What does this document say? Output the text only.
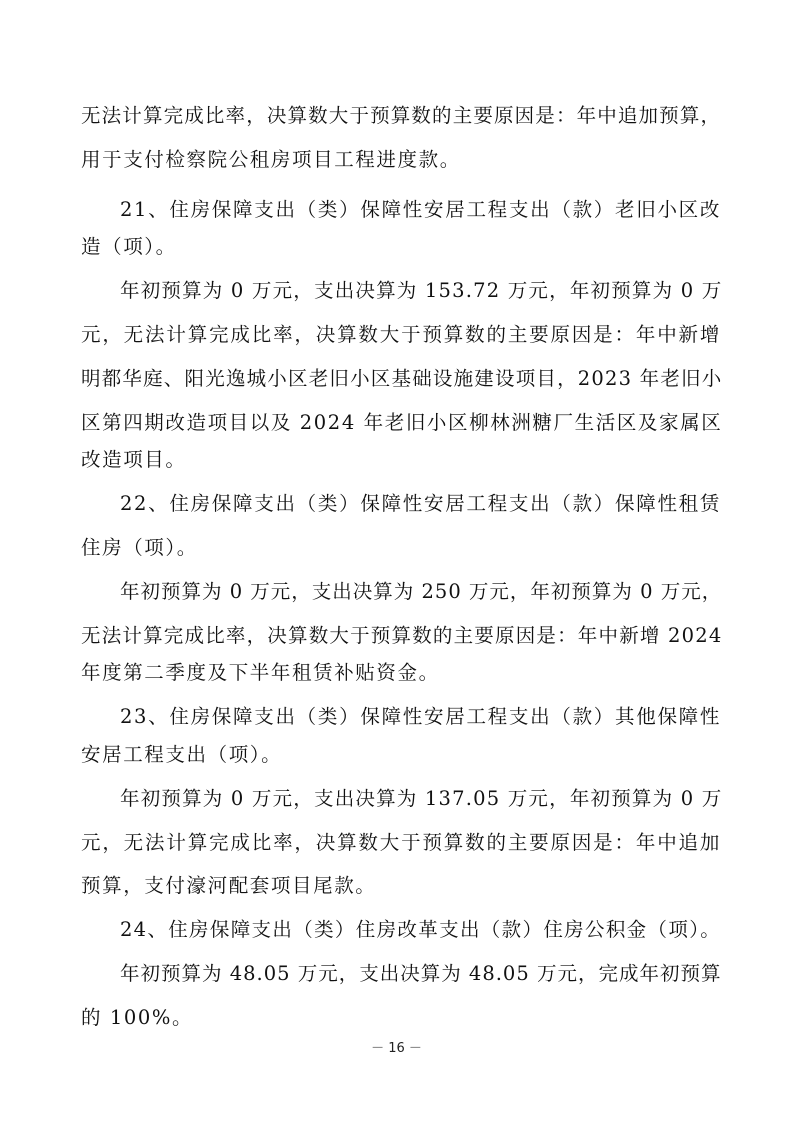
无法计算完成比率，决算数大于预算数的主要原因是：年中追加预算，
用于支付检察院公租房项目工程进度款。
21、住房保障支出（类）保障性安居工程支出（款）老旧小区改
造（项）。
年初预算为 0 万元，支出决算为 153.72 万元，年初预算为 0 万
元，无法计算完成比率，决算数大于预算数的主要原因是：年中新增
明都华庭、阳光逸城小区老旧小区基础设施建设项目，2023 年老旧小
区第四期改造项目以及 2024 年老旧小区柳林洲糖厂生活区及家属区
改造项目。
22、住房保障支出（类）保障性安居工程支出（款）保障性租赁
住房（项）。
年初预算为 0 万元，支出决算为 250 万元，年初预算为 0 万元，
无法计算完成比率，决算数大于预算数的主要原因是：年中新增 2024
年度第二季度及下半年租赁补贴资金。
23、住房保障支出（类）保障性安居工程支出（款）其他保障性
安居工程支出（项）。
年初预算为 0 万元，支出决算为 137.05 万元，年初预算为 0 万
元，无法计算完成比率，决算数大于预算数的主要原因是：年中追加
预算，支付濠河配套项目尾款。
24、住房保障支出（类）住房改革支出（款）住房公积金（项）。
年初预算为 48.05 万元，支出决算为 48.05 万元，完成年初预算
的 100%。
－ 16 －
